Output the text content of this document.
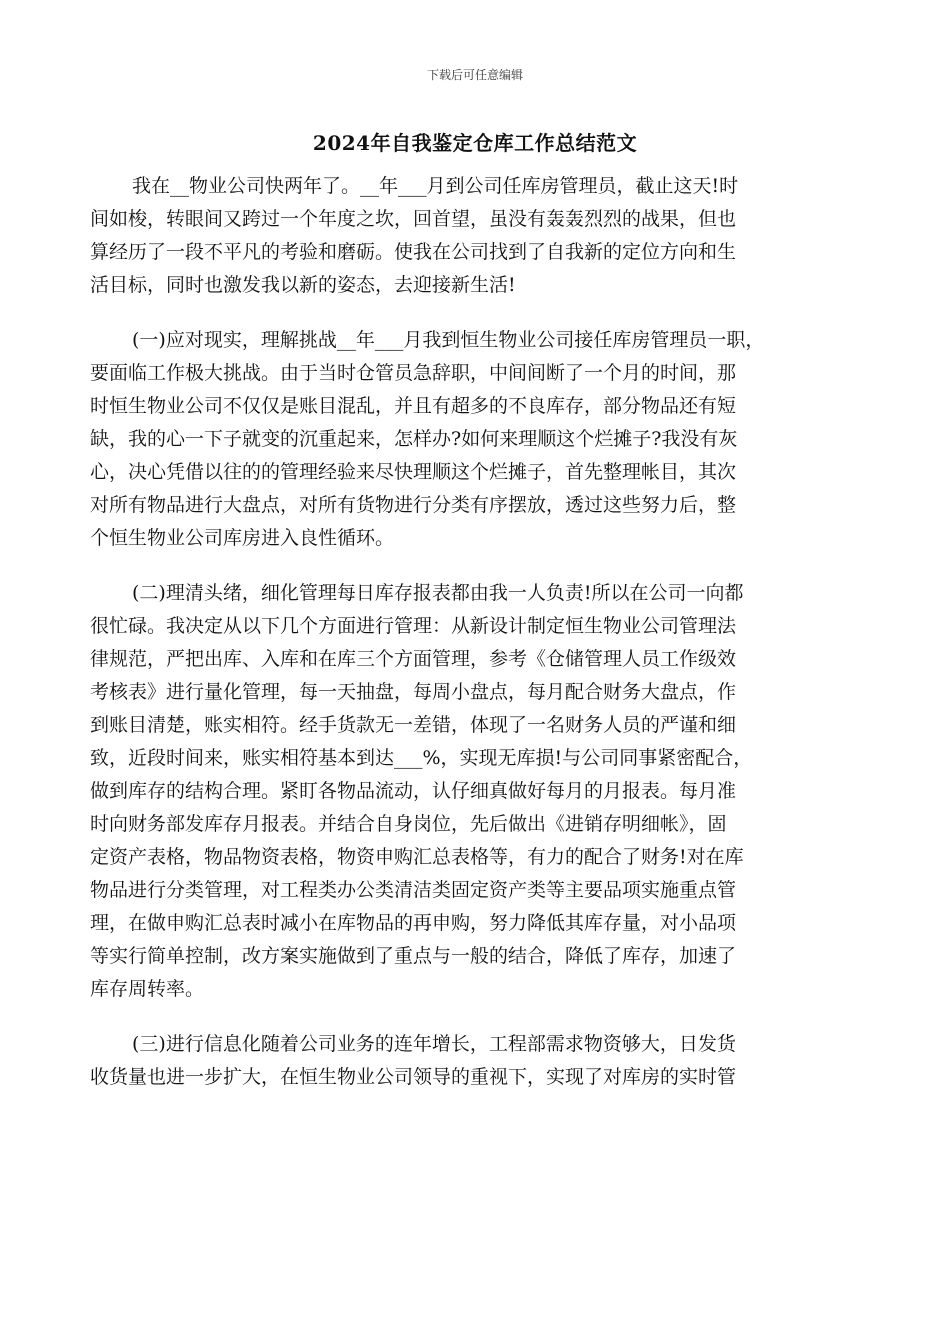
下载后可任意编辑
2024年自我鉴定仓库工作总结范文
我在__物业公司快两年了。__年___月到公司任库房管理员，截止这天!时
间如梭，转眼间又跨过一个年度之坎，回首望，虽没有轰轰烈烈的战果，但也
算经历了一段不平凡的考验和磨砺。使我在公司找到了自我新的定位方向和生
活目标，同时也激发我以新的姿态，去迎接新生活!
(一)应对现实，理解挑战__年___月我到恒生物业公司接任库房管理员一职，
要面临工作极大挑战。由于当时仓管员急辞职，中间间断了一个月的时间，那
时恒生物业公司不仅仅是账目混乱，并且有超多的不良库存，部分物品还有短
缺，我的心一下子就变的沉重起来，怎样办?如何来理顺这个烂摊子?我没有灰
心，决心凭借以往的的管理经验来尽快理顺这个烂摊子，首先整理帐目，其次
对所有物品进行大盘点，对所有货物进行分类有序摆放，透过这些努力后，整
个恒生物业公司库房进入良性循环。
(二)理清头绪，细化管理每日库存报表都由我一人负责!所以在公司一向都
很忙碌。我决定从以下几个方面进行管理：从新设计制定恒生物业公司管理法
律规范，严把出库、入库和在库三个方面管理，参考《仓储管理人员工作级效
考核表》进行量化管理，每一天抽盘，每周小盘点，每月配合财务大盘点，作
到账目清楚，账实相符。经手货款无一差错，体现了一名财务人员的严谨和细
致，近段时间来，账实相符基本到达___%，实现无库损!与公司同事紧密配合，
做到库存的结构合理。紧盯各物品流动，认仔细真做好每月的月报表。每月准
时向财务部发库存月报表。并结合自身岗位，先后做出《进销存明细帐》，固
定资产表格，物品物资表格，物资申购汇总表格等，有力的配合了财务!对在库
物品进行分类管理，对工程类办公类清洁类固定资产类等主要品项实施重点管
理，在做申购汇总表时减小在库物品的再申购，努力降低其库存量，对小品项
等实行简单控制，改方案实施做到了重点与一般的结合，降低了库存，加速了
库存周转率。
(三)进行信息化随着公司业务的连年增长，工程部需求物资够大，日发货
收货量也进一步扩大，在恒生物业公司领导的重视下，实现了对库房的实时管
